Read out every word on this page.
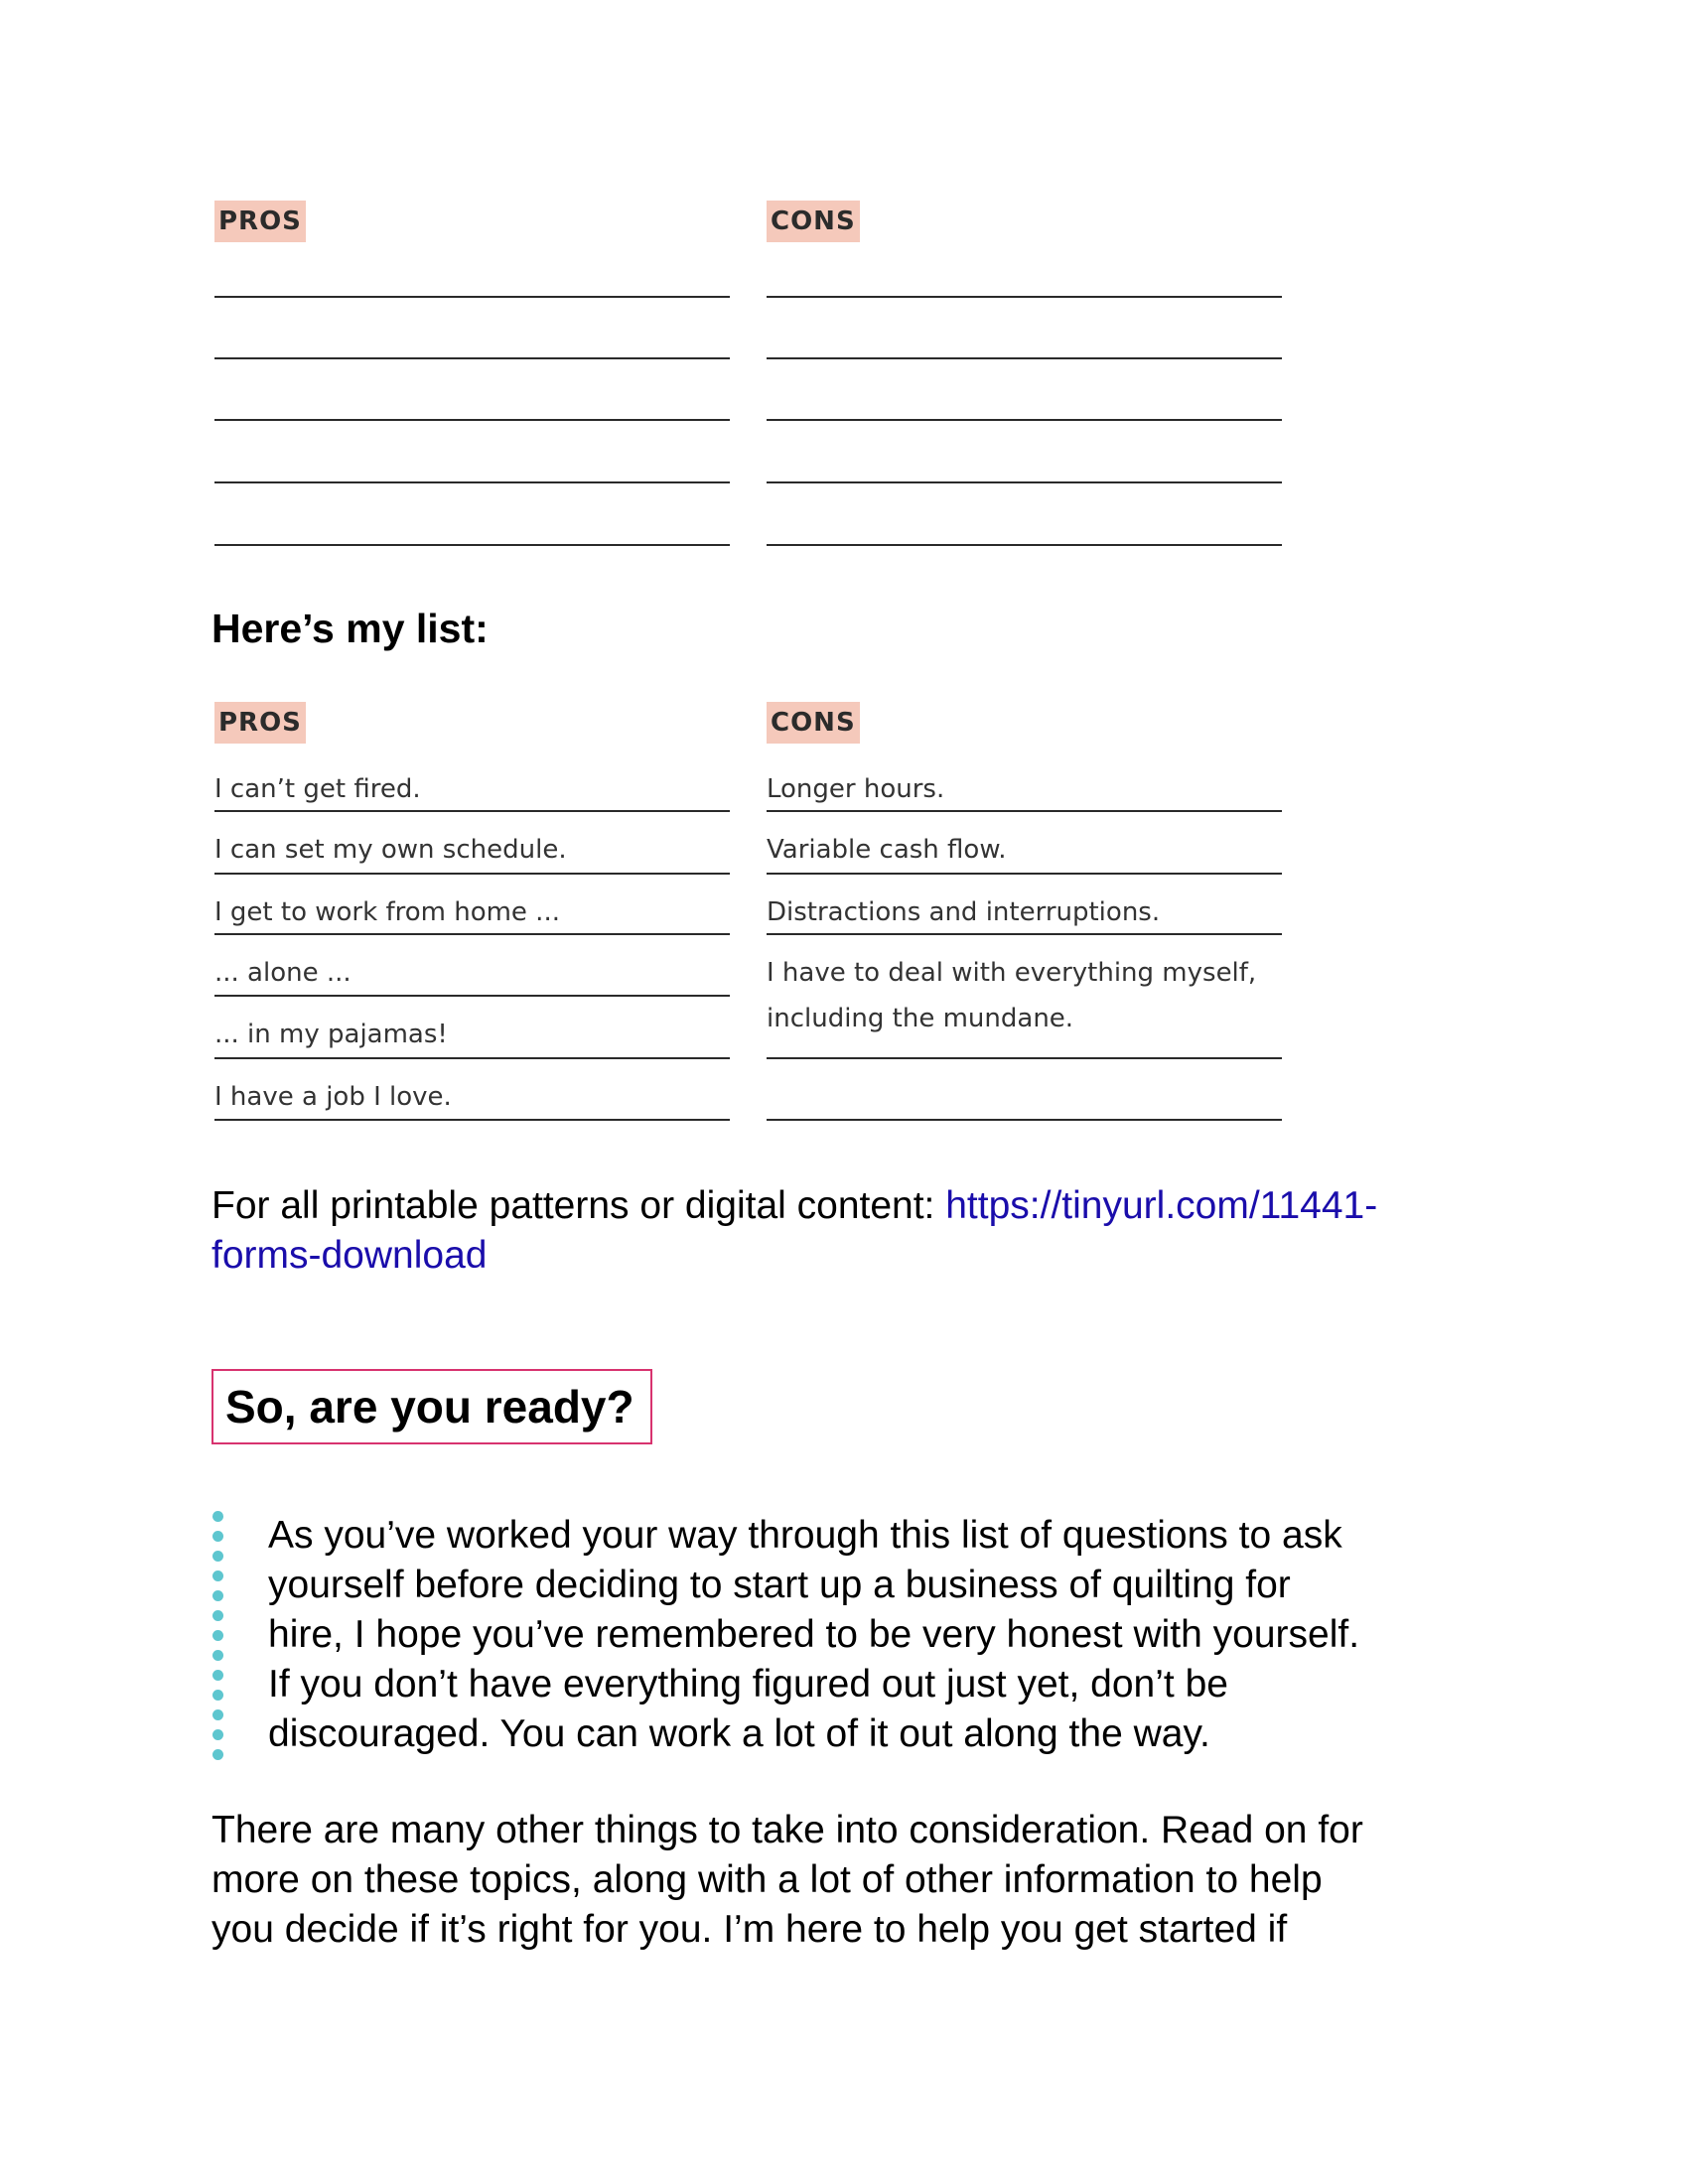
PROS	CONS
Here’s my list:
PROS	CONS
I can’t get fired.
I can set my own schedule.
I get to work from home ...
... alone ...
... in my pajamas!
I have a job I love.
Longer hours.
Variable cash flow.
Distractions and interruptions.
I have to deal with everything myself,
including the mundane.

For all printable patterns or digital content: https://tinyurl.com/11441-
forms-download

So, are you ready?

As you’ve worked your way through this list of questions to ask
yourself before deciding to start up a business of quilting for
hire, I hope you’ve remembered to be very honest with yourself.
If you don’t have everything figured out just yet, don’t be
discouraged. You can work a lot of it out along the way.

There are many other things to take into consideration. Read on for
more on these topics, along with a lot of other information to help
you decide if it’s right for you. I’m here to help you get started if
